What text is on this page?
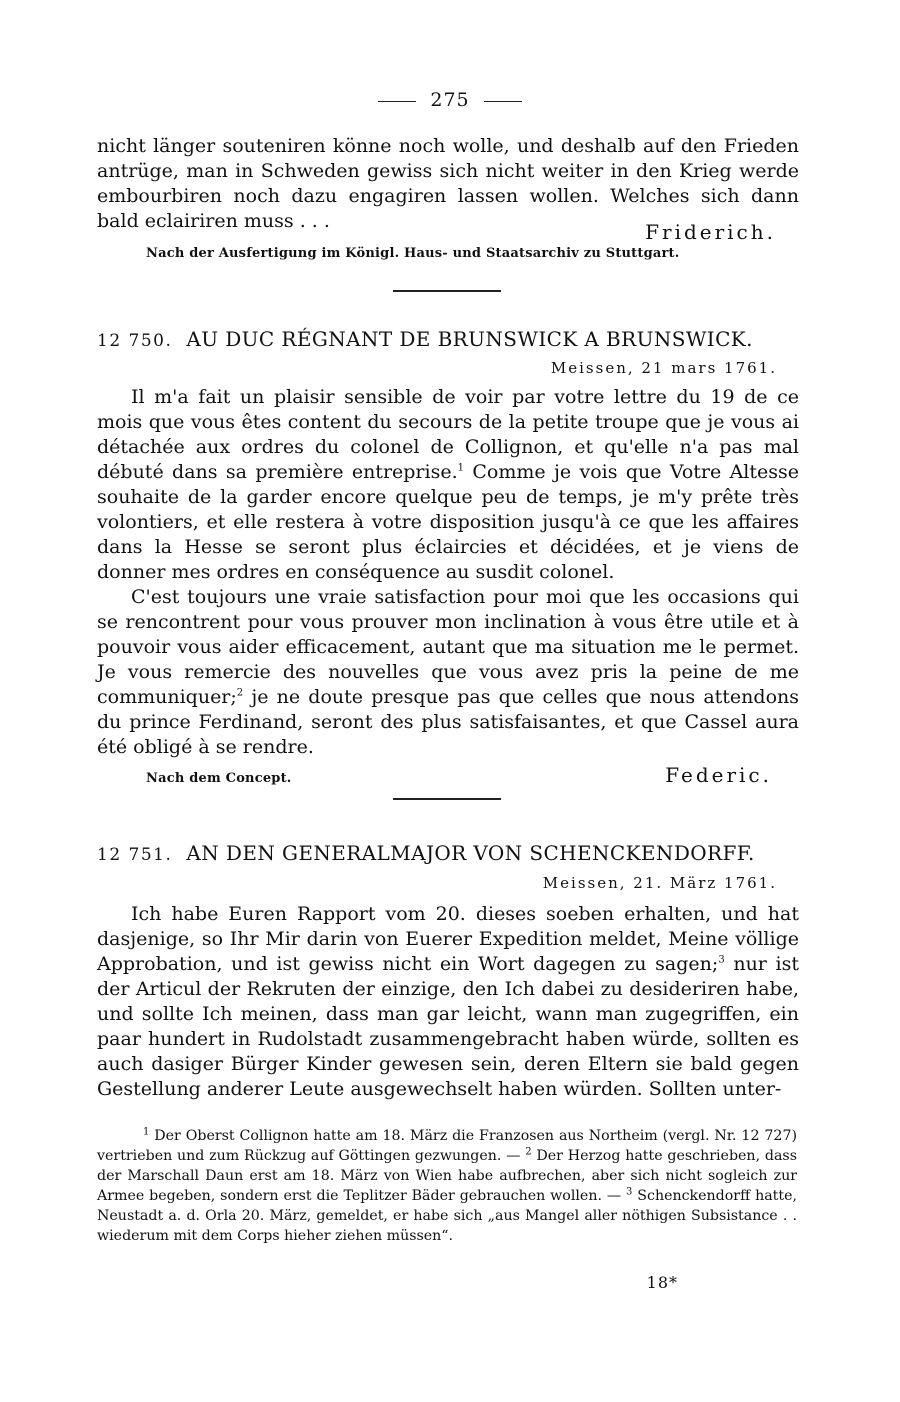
275

nicht länger souteniren könne noch wolle, und deshalb auf den Frieden antrüge, man in Schweden gewiss sich nicht weiter in den Krieg werde embourbiren noch dazu engagiren lassen wollen. Welches sich dann bald eclairiren muss . . .	Friderich.
Nach der Ausfertigung im Königl. Haus- und Staatsarchiv zu Stuttgart.
12 750. AU DUC RÉGNANT DE BRUNSWICK A BRUNSWICK.
Meissen, 21 mars 1761.

Il m'a fait un plaisir sensible de voir par votre lettre du 19 de ce mois que vous êtes content du secours de la petite troupe que je vous ai détachée aux ordres du colonel de Collignon, et qu'elle n'a pas mal débuté dans sa première entreprise.$^1$ Comme je vois que Votre Altesse souhaite de la garder encore quelque peu de temps, je m'y prête très volontiers, et elle restera à votre disposition jusqu'à ce que les affaires dans la Hesse se seront plus éclaircies et décidées, et je viens de donner mes ordres en conséquence au susdit colonel.

C'est toujours une vraie satisfaction pour moi que les occasions qui se rencontrent pour vous prouver mon inclination à vous être utile et à pouvoir vous aider efficacement, autant que ma situation me le permet. Je vous remercie des nouvelles que vous avez pris la peine de me communiquer;$^2$ je ne doute presque pas que celles que nous attendons du prince Ferdinand, seront des plus satisfaisantes, et que Cassel aura été obligé à se rendre.

Nach dem Concept.	Federic.
12 751. AN DEN GENERALMAJOR VON SCHENCKENDORFF.
Meissen, 21. März 1761.

Ich habe Euren Rapport vom 20. dieses soeben erhalten, und hat dasjenige, so Ihr Mir darin von Euerer Expedition meldet, Meine völlige Approbation, und ist gewiss nicht ein Wort dagegen zu sagen;$^3$ nur ist der Articul der Rekruten der einzige, den Ich dabei zu desideriren habe, und sollte Ich meinen, dass man gar leicht, wann man zugegriffen, ein paar hundert in Rudolstadt zusammengebracht haben würde, sollten es auch dasiger Bürger Kinder gewesen sein, deren Eltern sie bald gegen Gestellung anderer Leute ausgewechselt haben würden. Sollten unter-

$^1$ Der Oberst Collignon hatte am 18. März die Franzosen aus Northeim (vergl. Nr. 12 727) vertrieben und zum Rückzug auf Göttingen gezwungen. — $^2$ Der Herzog hatte geschrieben, dass der Marschall Daun erst am 18. März von Wien habe aufbrechen, aber sich nicht sogleich zur Armee begeben, sondern erst die Teplitzer Bäder gebrauchen wollen. — $^3$ Schenckendorff hatte, Neustadt a. d. Orla 20. März, gemeldet, er habe sich „aus Mangel aller nöthigen Subsistance . . wiederum mit dem Corps hieher ziehen müssen“.

18*
